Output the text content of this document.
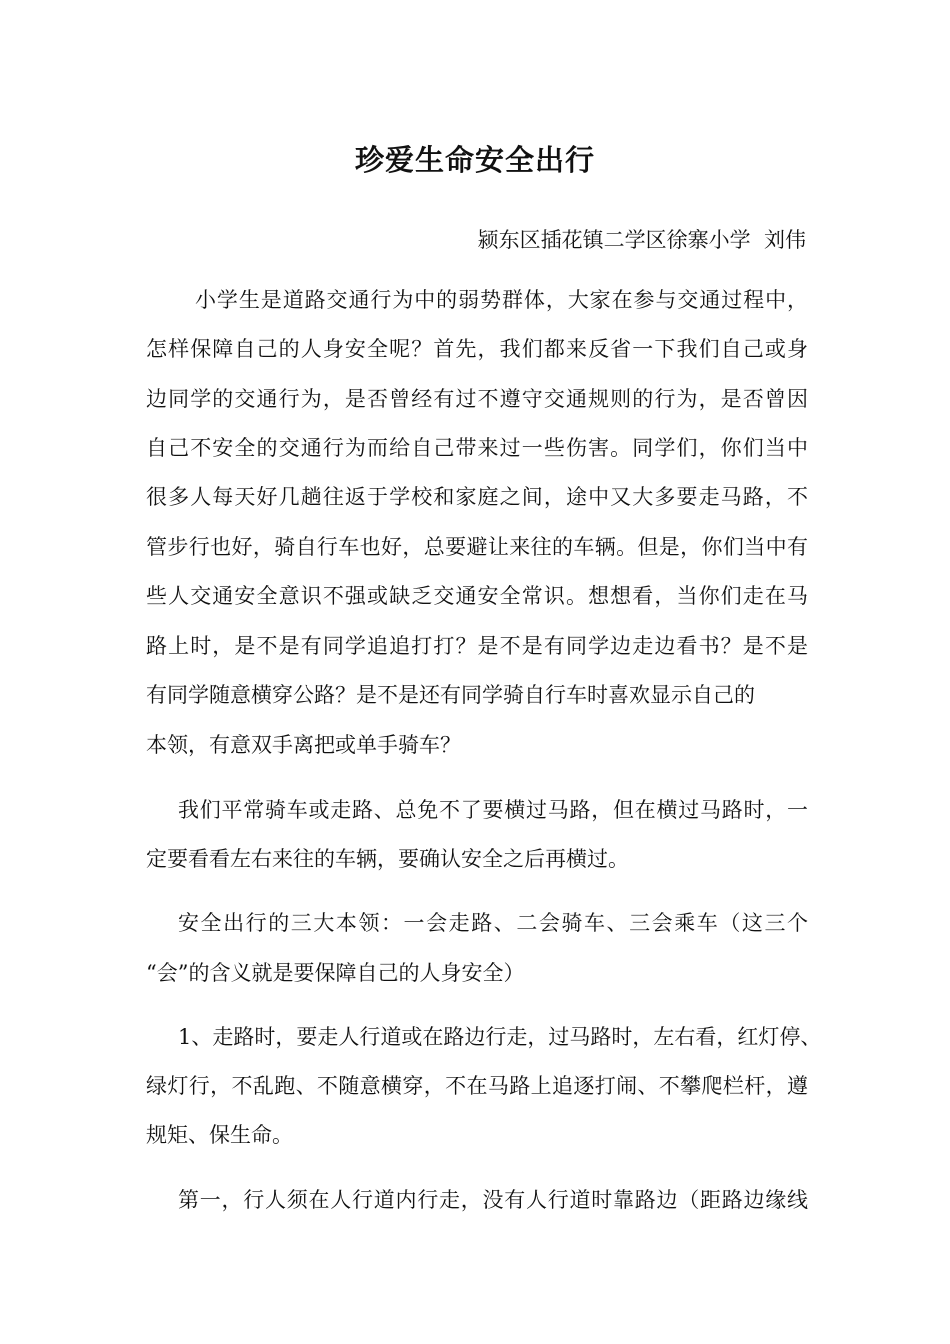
珍爱生命安全出行
颍东区插花镇二学区徐寨小学  刘伟
小学生是道路交通行为中的弱势群体，大家在参与交通过程中，
怎样保障自己的人身安全呢？首先，我们都来反省一下我们自己或身
边同学的交通行为，是否曾经有过不遵守交通规则的行为，是否曾因
自己不安全的交通行为而给自己带来过一些伤害。同学们，你们当中
很多人每天好几趟往返于学校和家庭之间，途中又大多要走马路，不
管步行也好，骑自行车也好，总要避让来往的车辆。但是，你们当中有
些人交通安全意识不强或缺乏交通安全常识。想想看，当你们走在马
路上时，是不是有同学追追打打？是不是有同学边走边看书？是不是
有同学随意横穿公路？是不是还有同学骑自行车时喜欢显示自己的
本领，有意双手离把或单手骑车？
我们平常骑车或走路、总免不了要横过马路，但在横过马路时，一
定要看看左右来往的车辆，要确认安全之后再横过。
安全出行的三大本领：一会走路、二会骑车、三会乘车（这三个
“会”的含义就是要保障自己的人身安全）
1、走路时，要走人行道或在路边行走，过马路时，左右看，红灯停、
绿灯行，不乱跑、不随意横穿，不在马路上追逐打闹、不攀爬栏杆，遵
规矩、保生命。
第一，行人须在人行道内行走，没有人行道时靠路边（距路边缘线
